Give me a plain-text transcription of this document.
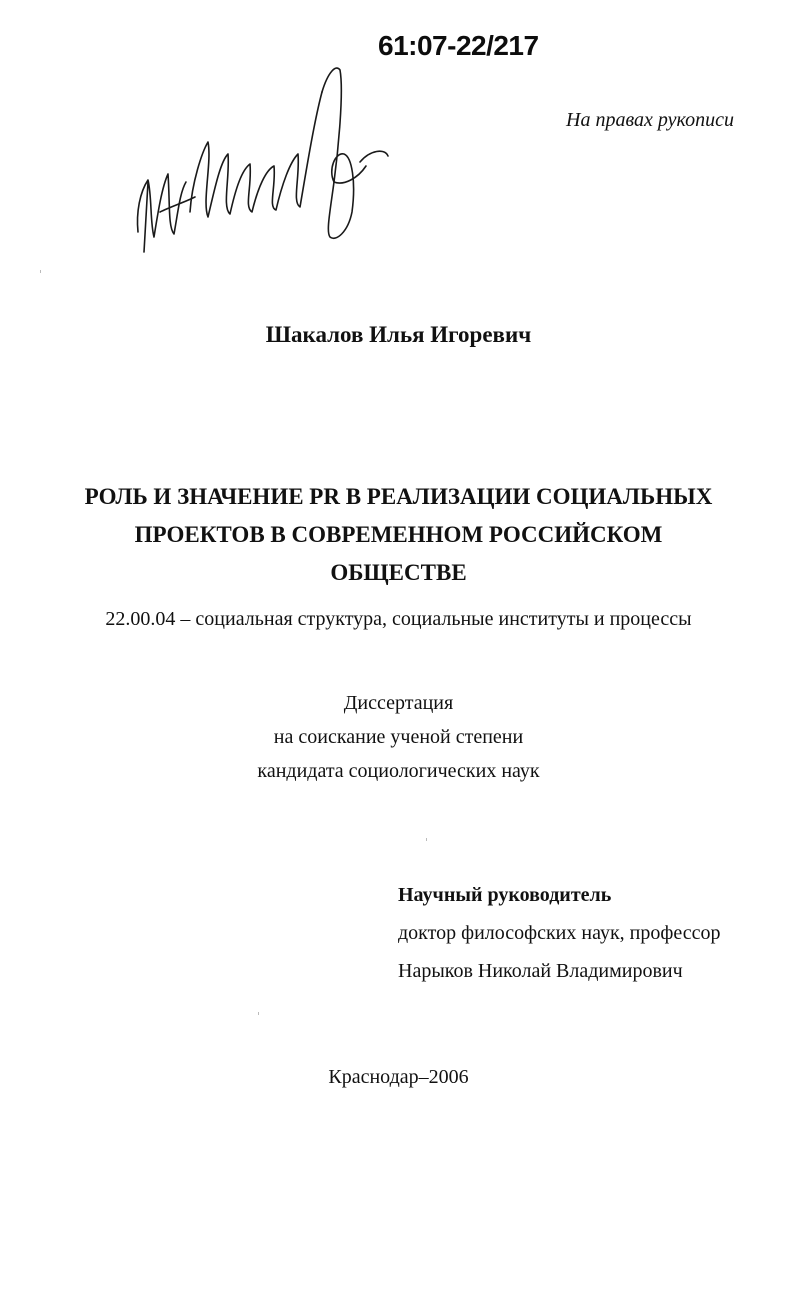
61:07-22/217
На правах рукописи
Шакалов Илья Игоревич
РОЛЬ И ЗНАЧЕНИЕ PR В РЕАЛИЗАЦИИ СОЦИАЛЬНЫХ
ПРОЕКТОВ В СОВРЕМЕННОМ РОССИЙСКОМ
ОБЩЕСТВЕ
22.00.04 – социальная структура, социальные институты и процессы
Диссертация
на соискание ученой степени
кандидата социологических наук
Научный руководитель
доктор философских наук, профессор
Нарыков Николай Владимирович
Краснодар–2006
